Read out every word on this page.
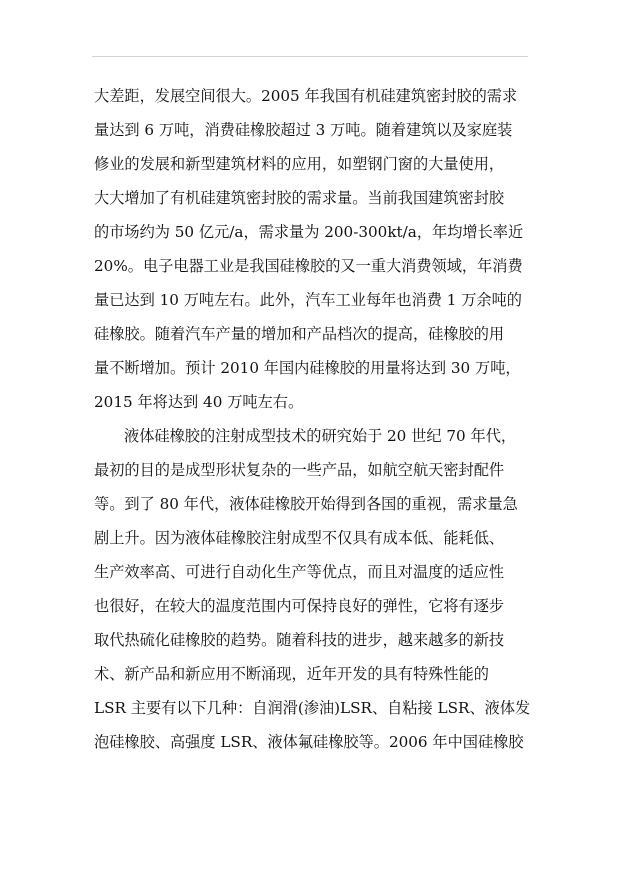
大差距，发展空间很大。2005 年我国有机硅建筑密封胶的需求
量达到 6 万吨，消费硅橡胶超过 3 万吨。随着建筑以及家庭装
修业的发展和新型建筑材料的应用，如塑钢门窗的大量使用，
大大增加了有机硅建筑密封胶的需求量。当前我国建筑密封胶
的市场约为 50 亿元/a，需求量为 200-300kt/a，年均增长率近
20%。电子电器工业是我国硅橡胶的又一重大消费领域，年消费
量已达到 10 万吨左右。此外，汽车工业每年也消费 1 万余吨的
硅橡胶。随着汽车产量的增加和产品档次的提高，硅橡胶的用
量不断增加。预计 2010 年国内硅橡胶的用量将达到 30 万吨，
2015 年将达到 40 万吨左右。
液体硅橡胶的注射成型技术的研究始于 20 世纪 70 年代，
最初的目的是成型形状复杂的一些产品，如航空航天密封配件
等。到了 80 年代，液体硅橡胶开始得到各国的重视，需求量急
剧上升。因为液体硅橡胶注射成型不仅具有成本低、能耗低、
生产效率高、可进行自动化生产等优点，而且对温度的适应性
也很好，在较大的温度范围内可保持良好的弹性，它将有逐步
取代热硫化硅橡胶的趋势。随着科技的进步，越来越多的新技
术、新产品和新应用不断涌现，近年开发的具有特殊性能的
LSR 主要有以下几种：自润滑(渗油)LSR、自粘接 LSR、液体发
泡硅橡胶、高强度 LSR、液体氟硅橡胶等。2006 年中国硅橡胶
